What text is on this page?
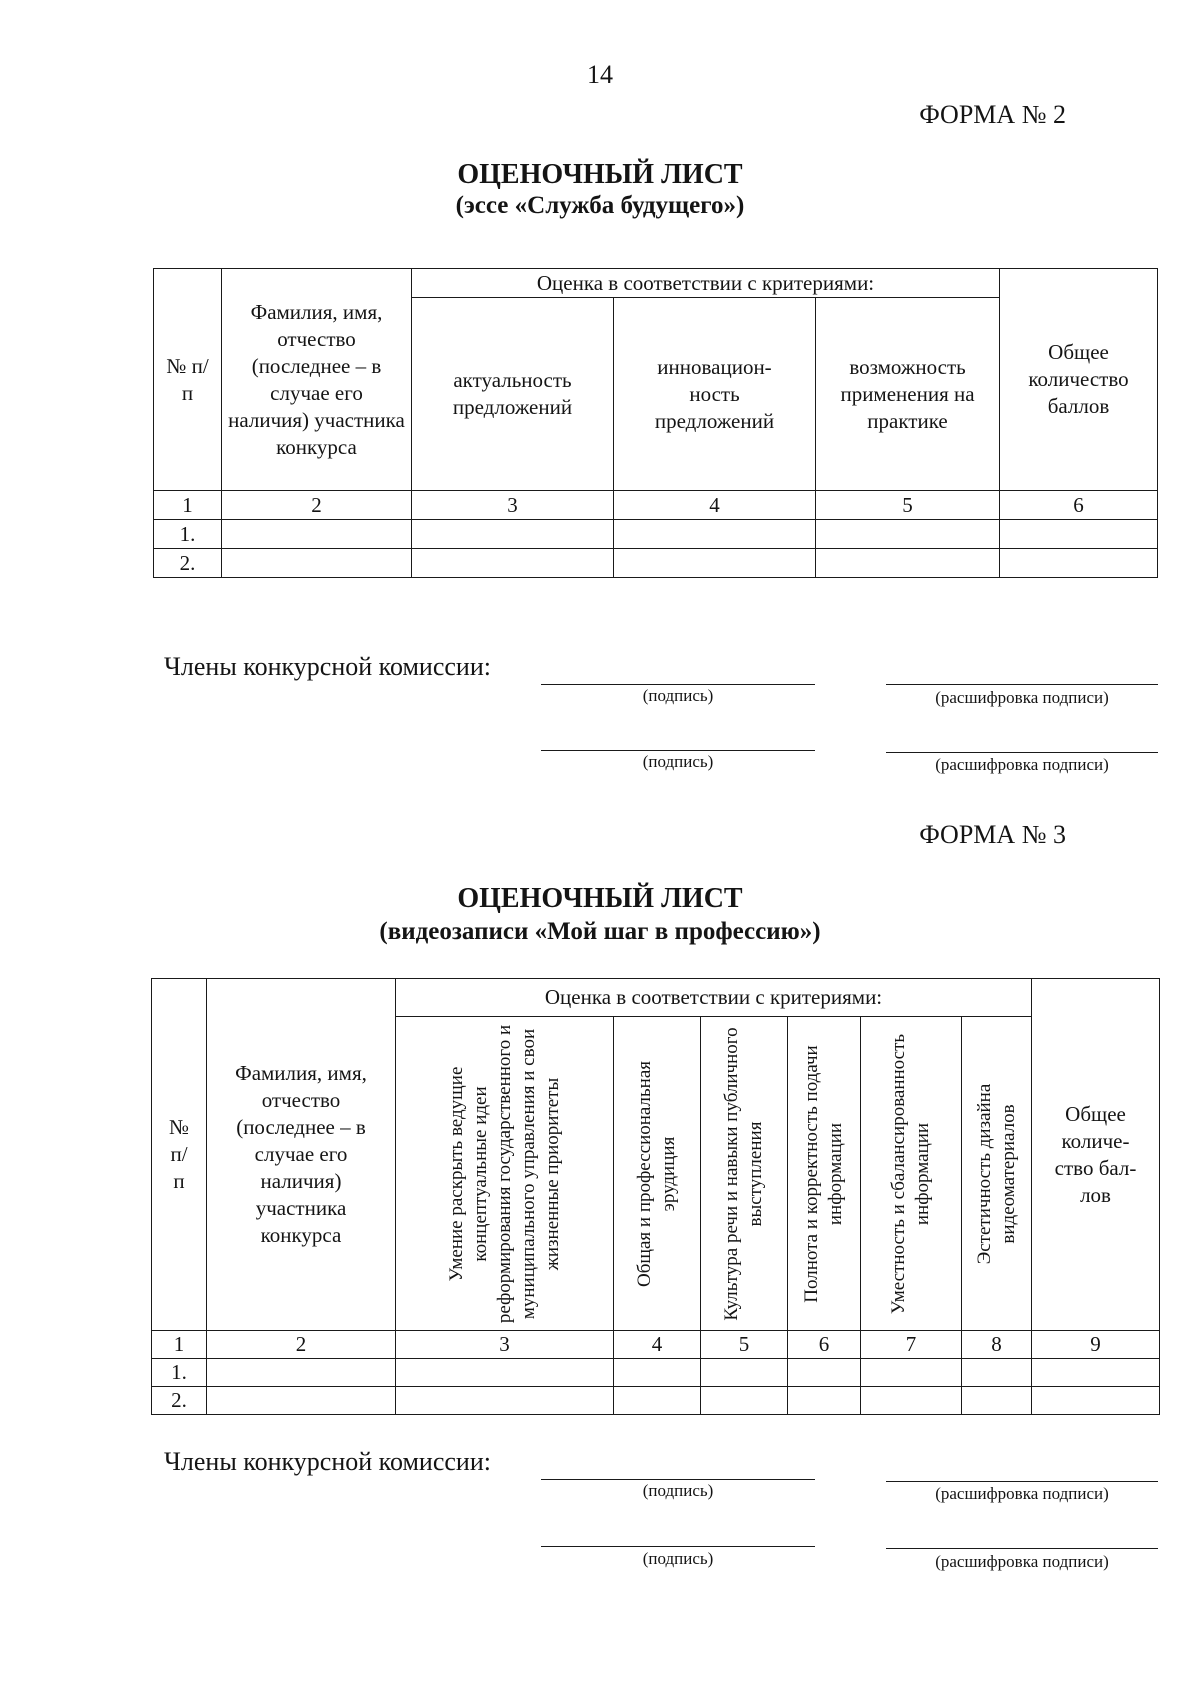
14
ФОРМА № 2
ОЦЕНОЧНЫЙ ЛИСТ
(эссе «Служба будущего»)
№ п/п	Фамилия, имя, отчество (последнее – в случае его наличия) участника конкурса	Оценка в соответствии с критериями:			Общее количество баллов
		актуальность предложений	инновацион-ность предложений	возможность применения на практике	
1	2	3	4	5	6
1.					
2.					
Члены конкурсной комиссии:
(подпись)	(расшифровка подписи)
(подпись)	(расшифровка подписи)
ФОРМА № 3
ОЦЕНОЧНЫЙ ЛИСТ
(видеозаписи «Мой шаг в профессию»)
№ п/ п	Фамилия, имя, отчество (последнее – в случае его наличия) участника конкурса	Оценка в соответствии с критериями:						Общее количе-ство бал-лов

		Умение раскрыть ведущие концептуальные идеи реформирования государственного и муниципального управления и свои жизненные приоритеты	Общая и профессиональная эрудиция	Культура речи и навыки публичного выступления	Полнота и корректность подачи информации	Уместность и сбалансированность информации	Эстетичность дизайна видеоматериалов	

1	2	3	4	5	6	7	8	9
1.								
2.								
Члены конкурсной комиссии:
(подпись)	(расшифровка подписи)
(подпись)	(расшифровка подписи)
